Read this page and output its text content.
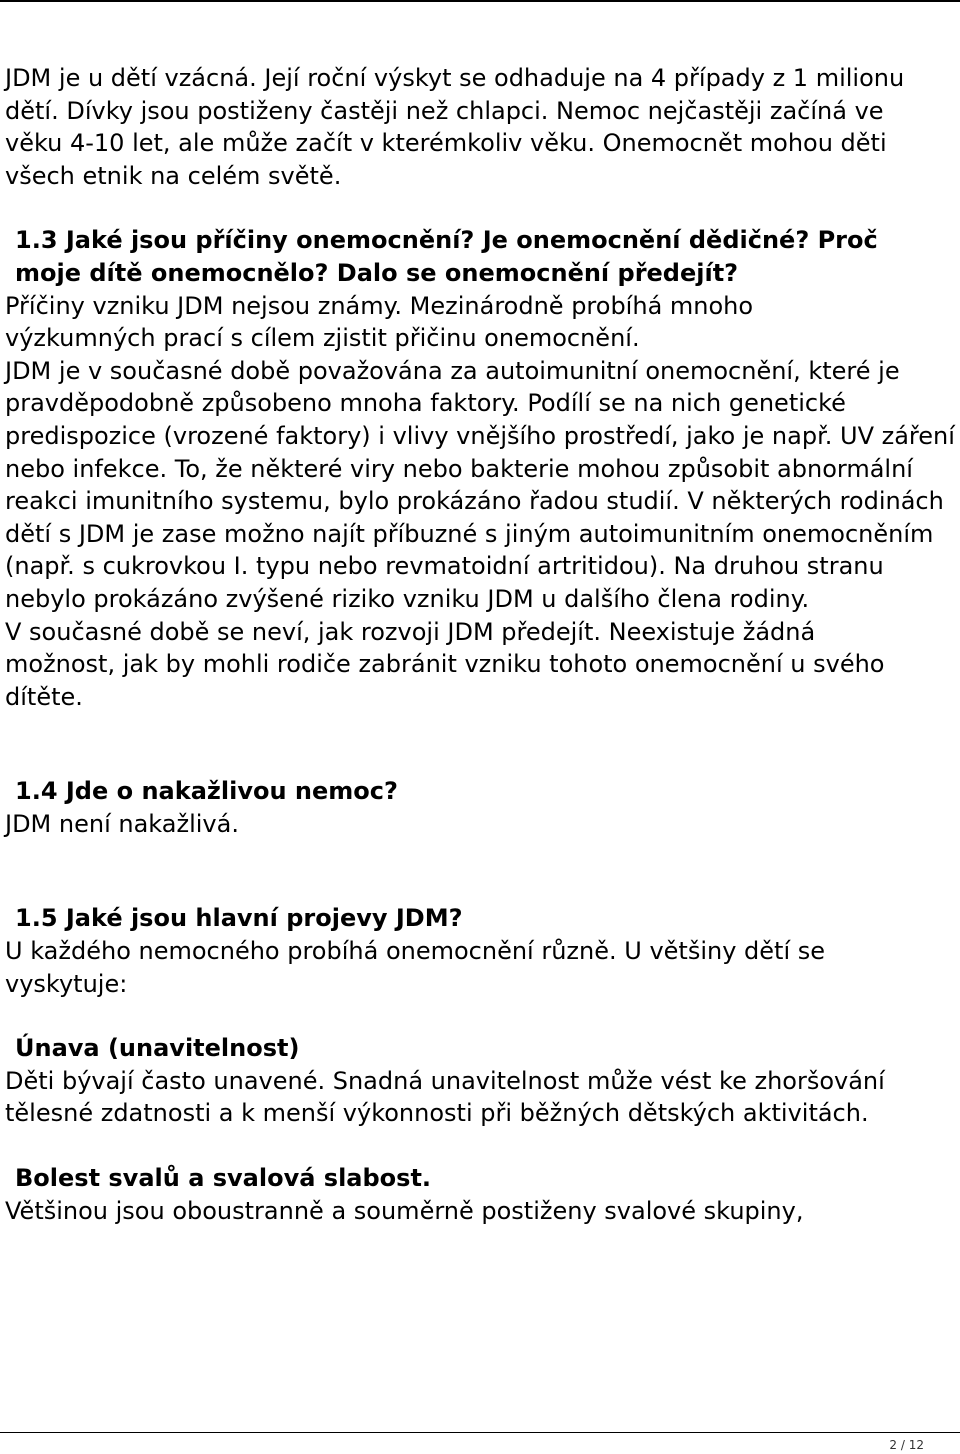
JDM je u dětí vzácná. Její roční výskyt se odhaduje na 4 případy z 1 milionu dětí. Dívky jsou postiženy častěji než chlapci. Nemoc nejčastěji začíná ve věku 4-10 let, ale může začít v kterémkoliv věku. Onemocnět mohou děti všech etnik na celém světě.

1.3 Jaké jsou příčiny onemocnění? Je onemocnění dědičné? Proč moje dítě onemocnělo? Dalo se onemocnění předejít?

Příčiny vzniku JDM nejsou známy. Mezinárodně probíhá mnoho výzkumných prací s cílem zjistit přičinu onemocnění.

JDM je v současné době považována za autoimunitní onemocnění, které je pravděpodobně způsobeno mnoha faktory. Podílí se na nich genetické predispozice (vrozené faktory) i vlivy vnějšího prostředí, jako je např. UV záření nebo infekce. To, že některé viry nebo bakterie mohou způsobit abnormální reakci imunitního systemu, bylo prokázáno řadou studií. V některých rodinách dětí s JDM je zase možno najít příbuzné s jiným autoimunitním onemocněním (např. s cukrovkou I. typu nebo revmatoidní artritidou). Na druhou stranu nebylo prokázáno zvýšené riziko vzniku JDM u dalšího člena rodiny.

V současné době se neví, jak rozvoji JDM předejít. Neexistuje žádná možnost, jak by mohli rodiče zabránit vzniku tohoto onemocnění u svého dítěte.

1.4 Jde o nakažlivou nemoc?

JDM není nakažlivá.

1.5 Jaké jsou hlavní projevy JDM?

U každého nemocného probíhá onemocnění různě. U většiny dětí se vyskytuje:

Únava (unavitelnost)

Děti bývají často unavené. Snadná unavitelnost může vést ke zhoršování tělesné zdatnosti a k menší výkonnosti při běžných dětských aktivitách.

Bolest svalů a svalová slabost.

Většinou jsou oboustranně a souměrně postiženy svalové skupiny,

2 / 12
